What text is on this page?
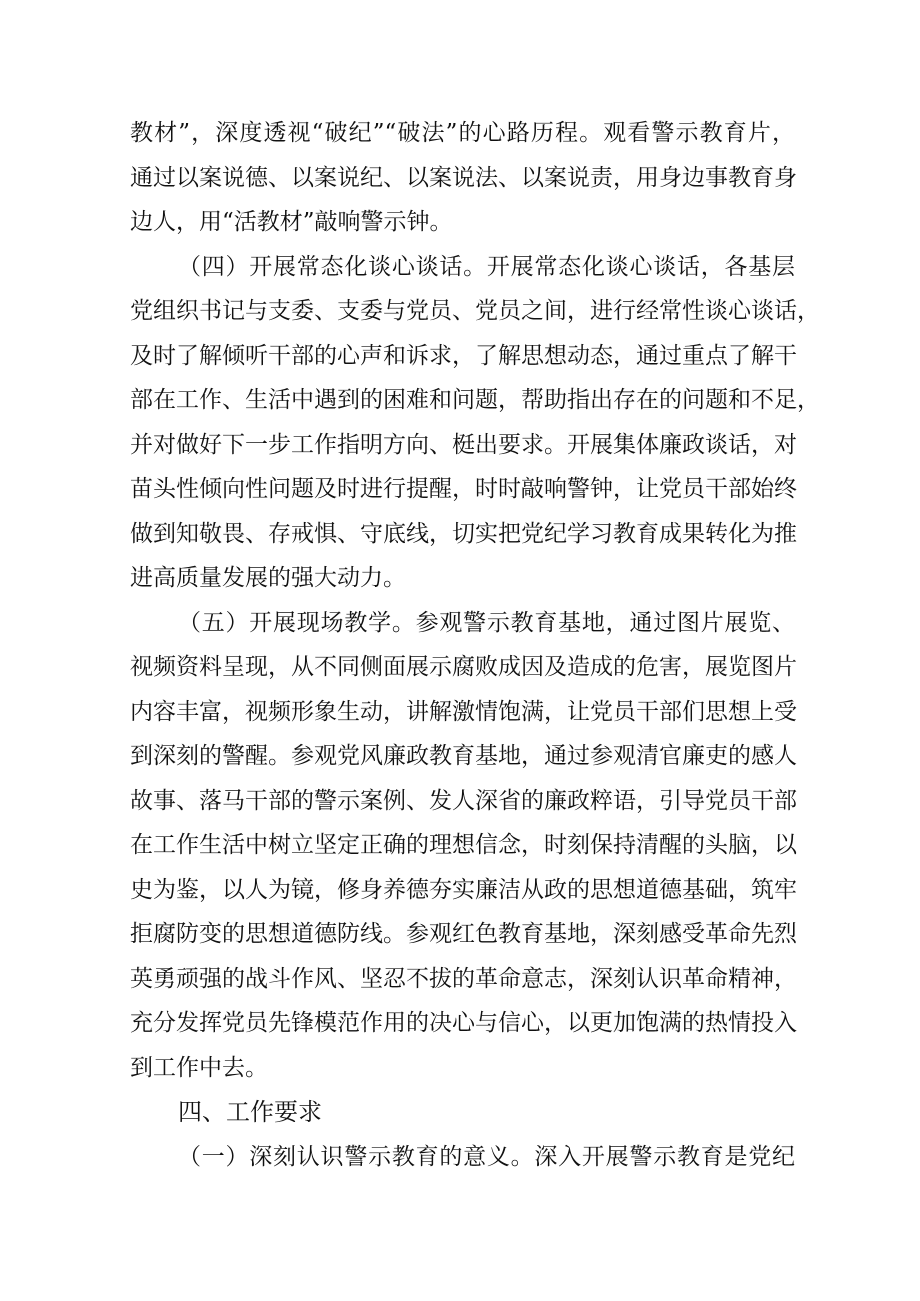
教材”，深度透视“破纪”“破法”的心路历程。观看警示教育片，
通过以案说德、以案说纪、以案说法、以案说责，用身边事教育身
边人，用“活教材”敲响警示钟。
（四）开展常态化谈心谈话。开展常态化谈心谈话，各基层
党组织书记与支委、支委与党员、党员之间，进行经常性谈心谈话，
及时了解倾听干部的心声和诉求，了解思想动态，通过重点了解干
部在工作、生活中遇到的困难和问题，帮助指出存在的问题和不足，
并对做好下一步工作指明方向、梃出要求。开展集体廉政谈话，对
苗头性倾向性问题及时进行提醒，时时敲响警钟，让党员干部始终
做到知敬畏、存戒惧、守底线，切实把党纪学习教育成果转化为推
进高质量发展的强大动力。
（五）开展现场教学。参观警示教育基地，通过图片展览、
视频资料呈现，从不同侧面展示腐败成因及造成的危害，展览图片
内容丰富，视频形象生动，讲解激情饱满，让党员干部们思想上受
到深刻的警醒。参观党风廉政教育基地，通过参观清官廉吏的感人
故事、落马干部的警示案例、发人深省的廉政粹语，引导党员干部
在工作生活中树立坚定正确的理想信念，时刻保持清醒的头脑，以
史为鉴，以人为镜，修身养德夯实廉洁从政的思想道德基础，筑牢
拒腐防变的思想道德防线。参观红色教育基地，深刻感受革命先烈
英勇顽强的战斗作风、坚忍不拔的革命意志，深刻认识革命精神，
充分发挥党员先锋模范作用的决心与信心，以更加饱满的热情投入
到工作中去。
四、工作要求
（一）深刻认识警示教育的意义。深入开展警示教育是党纪
